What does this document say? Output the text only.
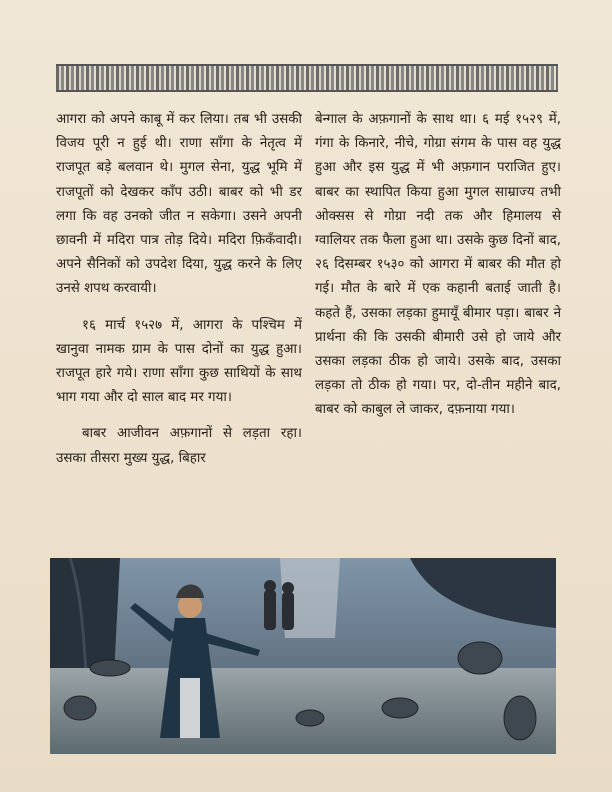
आगरा को अपने काबू में कर लिया। तब भी उसकी विजय पूरी न हुई थी। राणा साँगा के नेतृत्व में राजपूत बड़े बलवान थे। मुगल सेना, युद्ध भूमि में राजपूतों को देखकर काँप उठी। बाबर को भी डर लगा कि वह उनको जीत न सकेगा। उसने अपनी छावनी में मदिरा पात्र तोड़ दिये। मदिरा फ़िकँवादी। अपने सैनिकों को उपदेश दिया, युद्ध करने के लिए उनसे शपथ करवायी।

१६ मार्च १५२७ में, आगरा के पश्चिम में खानुवा नामक ग्राम के पास दोनों का युद्ध हुआ। राजपूत हारे गये। राणा साँगा कुछ साथियों के साथ भाग गया और दो साल बाद मर गया।

बाबर आजीवन अफ़गानों से लड़ता रहा। उसका तीसरा मुख्य युद्ध, बिहार

बेन्गाल के अफ़गानों के साथ था। ६ मई १५२९ में, गंगा के किनारे, नीचे, गोग्रा संगम के पास वह युद्ध हुआ और इस युद्ध में भी अफ़गान पराजित हुए। बाबर का स्थापित किया हुआ मुगल साम्राज्य तभी ओक्सस से गोग्रा नदी तक और हिमालय से ग्वालियर तक फैला हुआ था। उसके कुछ दिनों बाद, २६ दिसम्बर १५३० को आगरा में बाबर की मौत हो गई। मौत के बारे में एक कहानी बताई जाती है। कहते हैं, उसका लड़का हुमायूँ बीमार पड़ा। बाबर ने प्रार्थना की कि उसकी बीमारी उसे हो जाये और उसका लड़का ठीक हो जाये। उसके बाद, उसका लड़का तो ठीक हो गया। पर, दो-तीन महीने बाद, बाबर को काबुल ले जाकर, दफ़नाया गया।
